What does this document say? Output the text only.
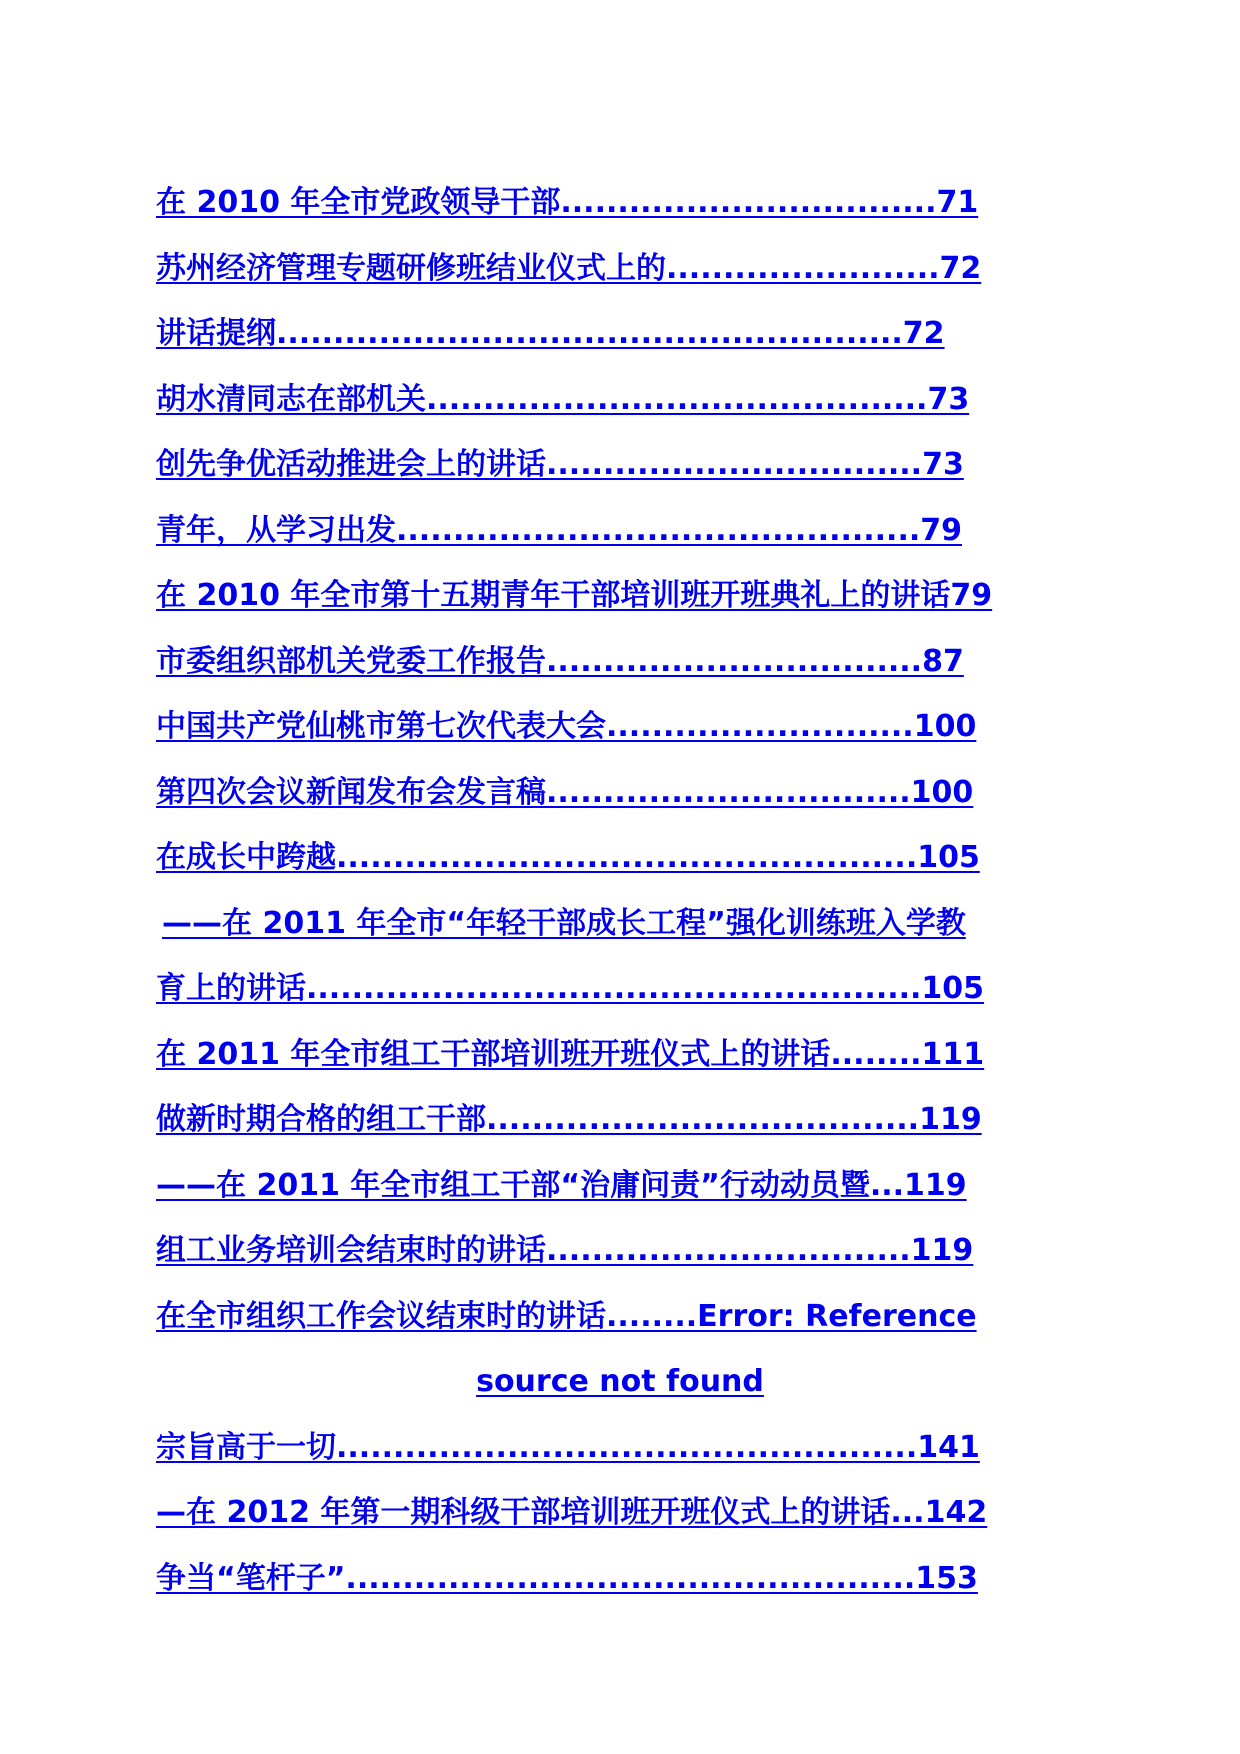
在 2010 年全市党政领导干部.................................71
苏州经济管理专题研修班结业仪式上的........................72
讲话提纲.......................................................72
胡水清同志在部机关............................................73
创先争优活动推进会上的讲话.................................73
青年，从学习出发..............................................79
在 2010 年全市第十五期青年干部培训班开班典礼上的讲话79
市委组织部机关党委工作报告.................................87
中国共产党仙桃市第七次代表大会...........................100
第四次会议新闻发布会发言稿................................100
在成长中跨越...................................................105
——在 2011 年全市“年轻干部成长工程”强化训练班入学教
育上的讲话......................................................105
在 2011 年全市组工干部培训班开班仪式上的讲话........111
做新时期合格的组工干部......................................119
——在 2011 年全市组工干部“治庸问责”行动动员暨...119
组工业务培训会结束时的讲话................................119
在全市组织工作会议结束时的讲话........Error: Reference
source not found
宗旨高于一切...................................................141
—在 2012 年第一期科级干部培训班开班仪式上的讲话...142
争当“笔杆子”..................................................153
